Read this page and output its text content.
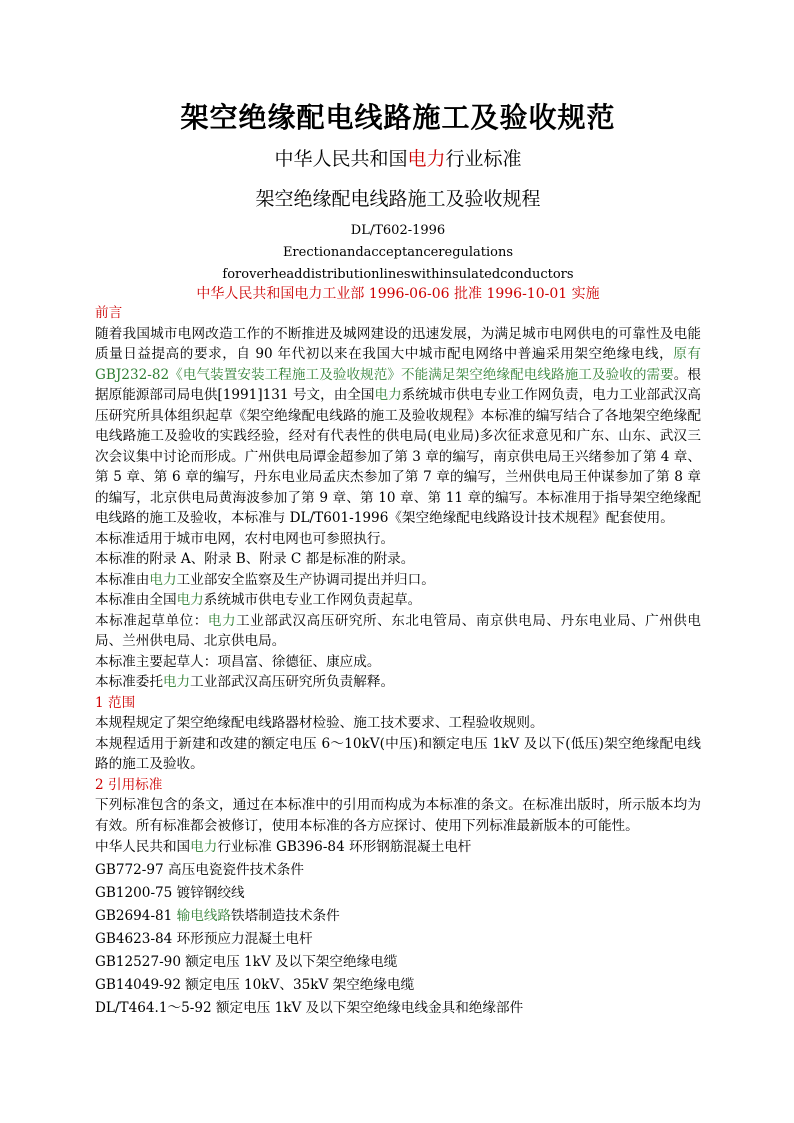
架空绝缘配电线路施工及验收规范
中华人民共和国电力行业标准
架空绝缘配电线路施工及验收规程
DL/T602-1996
Erectionandacceptanceregulations
foroverheaddistributionlineswithinsulatedconductors
中华人民共和国电力工业部 1996-06-06 批准 1996-10-01 实施

前言

随着我国城市电网改造工作的不断推进及城网建设的迅速发展，为满足城市电网供电的可靠性及电能质量日益提高的要求，自 90 年代初以来在我国大中城市配电网络中普遍采用架空绝缘电线，原有 GBJ232-82《电气装置安装工程施工及验收规范》不能满足架空绝缘配电线路施工及验收的需要。根据原能源部司局电供[1991]131 号文，由全国电力系统城市供电专业工作网负责，电力工业部武汉高压研究所具体组织起草《架空绝缘配电线路的施工及验收规程》本标准的编写结合了各地架空绝缘配电线路施工及验收的实践经验，经对有代表性的供电局(电业局)多次征求意见和广东、山东、武汉三次会议集中讨论而形成。广州供电局谭金超参加了第 3 章的编写，南京供电局王兴绪参加了第 4 章、第 5 章、第 6 章的编写，丹东电业局孟庆杰参加了第 7 章的编写，兰州供电局王仲谋参加了第 8 章的编写，北京供电局黄海波参加了第 9 章、第 10 章、第 11 章的编写。本标准用于指导架空绝缘配电线路的施工及验收，本标准与 DL/T601-1996《架空绝缘配电线路设计技术规程》配套使用。

本标准适用于城市电网，农村电网也可参照执行。

本标准的附录 A、附录 B、附录 C 都是标准的附录。

本标准由电力工业部安全监察及生产协调司提出并归口。

本标准由全国电力系统城市供电专业工作网负责起草。

本标准起草单位：电力工业部武汉高压研究所、东北电管局、南京供电局、丹东电业局、广州供电局、兰州供电局、北京供电局。

本标准主要起草人：项昌富、徐德征、康应成。

本标准委托电力工业部武汉高压研究所负责解释。

1 范围

本规程规定了架空绝缘配电线路器材检验、施工技术要求、工程验收规则。

本规程适用于新建和改建的额定电压 6～10kV(中压)和额定电压 1kV 及以下(低压)架空绝缘配电线路的施工及验收。

2 引用标准

下列标准包含的条文，通过在本标准中的引用而构成为本标准的条文。在标准出版时，所示版本均为有效。所有标准都会被修订，使用本标准的各方应探讨、使用下列标准最新版本的可能性。

中华人民共和国电力行业标准 GB396-84 环形钢筋混凝土电杆

GB772-97 高压电瓷瓷件技术条件

GB1200-75 镀锌钢绞线

GB2694-81 输电线路铁塔制造技术条件

GB4623-84 环形预应力混凝土电杆

GB12527-90 额定电压 1kV 及以下架空绝缘电缆

GB14049-92 额定电压 10kV、35kV 架空绝缘电缆

DL/T464.1～5-92 额定电压 1kV 及以下架空绝缘电线金具和绝缘部件
